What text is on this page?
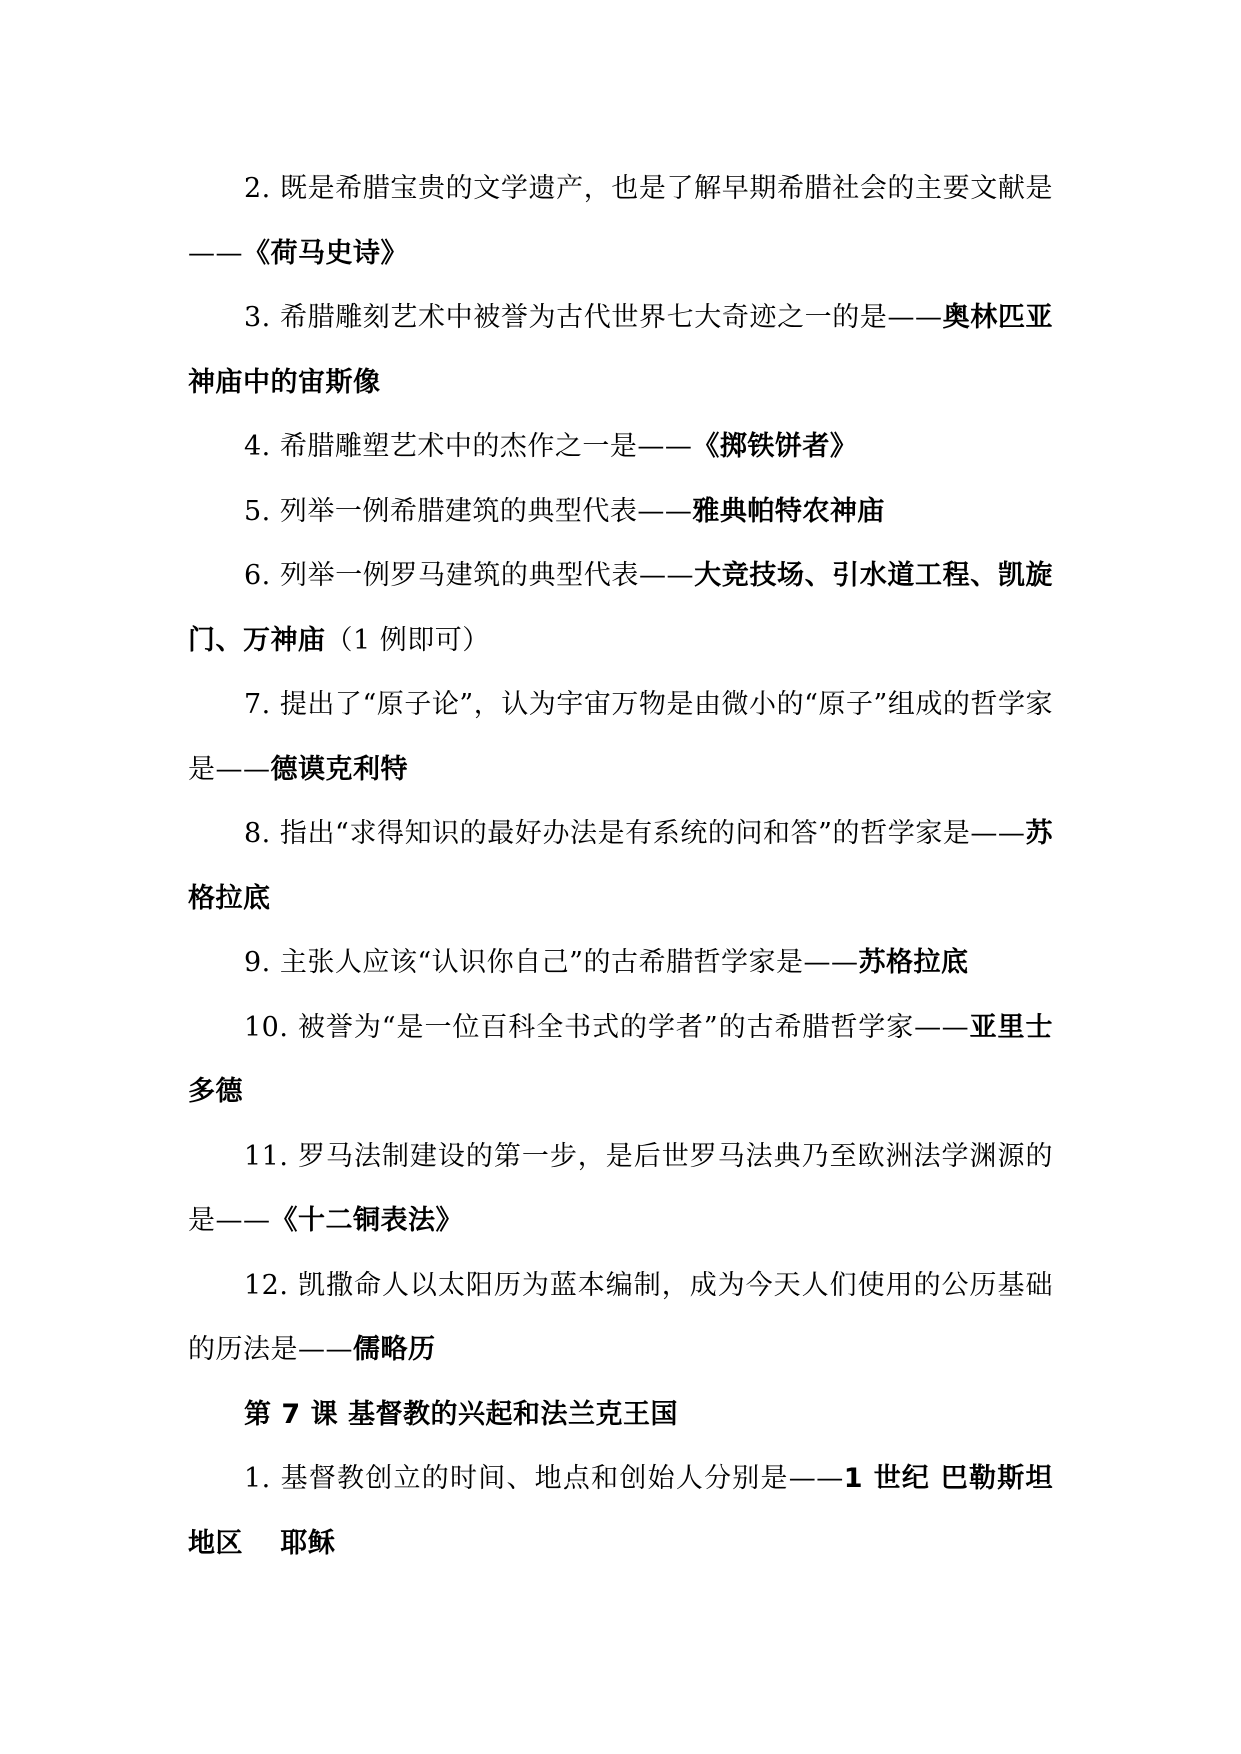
2. 既是希腊宝贵的文学遗产，也是了解早期希腊社会的主要文献是——《荷马史诗》

3. 希腊雕刻艺术中被誉为古代世界七大奇迹之一的是——奥林匹亚神庙中的宙斯像

4. 希腊雕塑艺术中的杰作之一是——《掷铁饼者》

5. 列举一例希腊建筑的典型代表——雅典帕特农神庙

6. 列举一例罗马建筑的典型代表——大竞技场、引水道工程、凯旋门、万神庙（1 例即可）

7. 提出了“原子论”，认为宇宙万物是由微小的“原子”组成的哲学家是——德谟克利特

8. 指出“求得知识的最好办法是有系统的问和答”的哲学家是——苏格拉底

9. 主张人应该“认识你自己”的古希腊哲学家是——苏格拉底

10. 被誉为“是一位百科全书式的学者”的古希腊哲学家——亚里士多德

11. 罗马法制建设的第一步，是后世罗马法典乃至欧洲法学渊源的是——《十二铜表法》

12. 凯撒命人以太阳历为蓝本编制，成为今天人们使用的公历基础的历法是——儒略历

第 7 课 基督教的兴起和法兰克王国

1. 基督教创立的时间、地点和创始人分别是——1 世纪 巴勒斯坦地区　 耶稣
